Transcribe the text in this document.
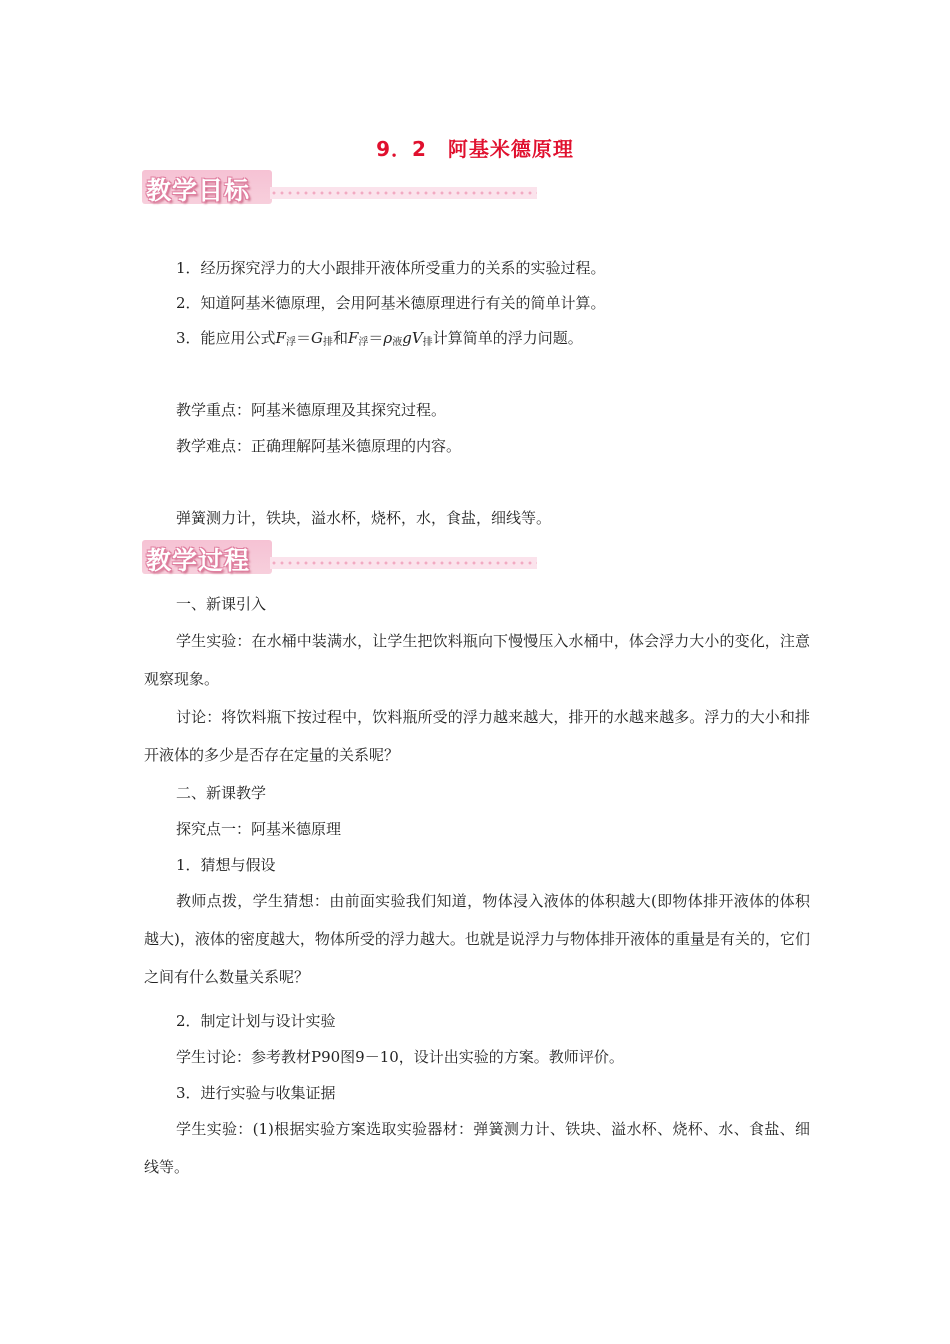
9．2　阿基米德原理
教学目标
1．经历探究浮力的大小跟排开液体所受重力的关系的实验过程。
2．知道阿基米德原理，会用阿基米德原理进行有关的简单计算。
3．能应用公式$F_浮=G_排$和$F_浮=\rho_液gV_排$计算简单的浮力问题。
教学重点：阿基米德原理及其探究过程。
教学难点：正确理解阿基米德原理的内容。
弹簧测力计，铁块，溢水杯，烧杯，水，食盐，细线等。
教学过程
一、新课引入
学生实验：在水桶中装满水，让学生把饮料瓶向下慢慢压入水桶中，体会浮力大小的变化，注意观察现象。
讨论：将饮料瓶下按过程中，饮料瓶所受的浮力越来越大，排开的水越来越多。浮力的大小和排开液体的多少是否存在定量的关系呢？
二、新课教学
探究点一：阿基米德原理
1．猜想与假设
教师点拨，学生猜想：由前面实验我们知道，物体浸入液体的体积越大(即物体排开液体的体积越大)，液体的密度越大，物体所受的浮力越大。也就是说浮力与物体排开液体的重量是有关的，它们之间有什么数量关系呢？
2．制定计划与设计实验
学生讨论：参考教材P90图9－10，设计出实验的方案。教师评价。
3．进行实验与收集证据
学生实验：(1)根据实验方案选取实验器材：弹簧测力计、铁块、溢水杯、烧杯、水、食盐、细线等。
